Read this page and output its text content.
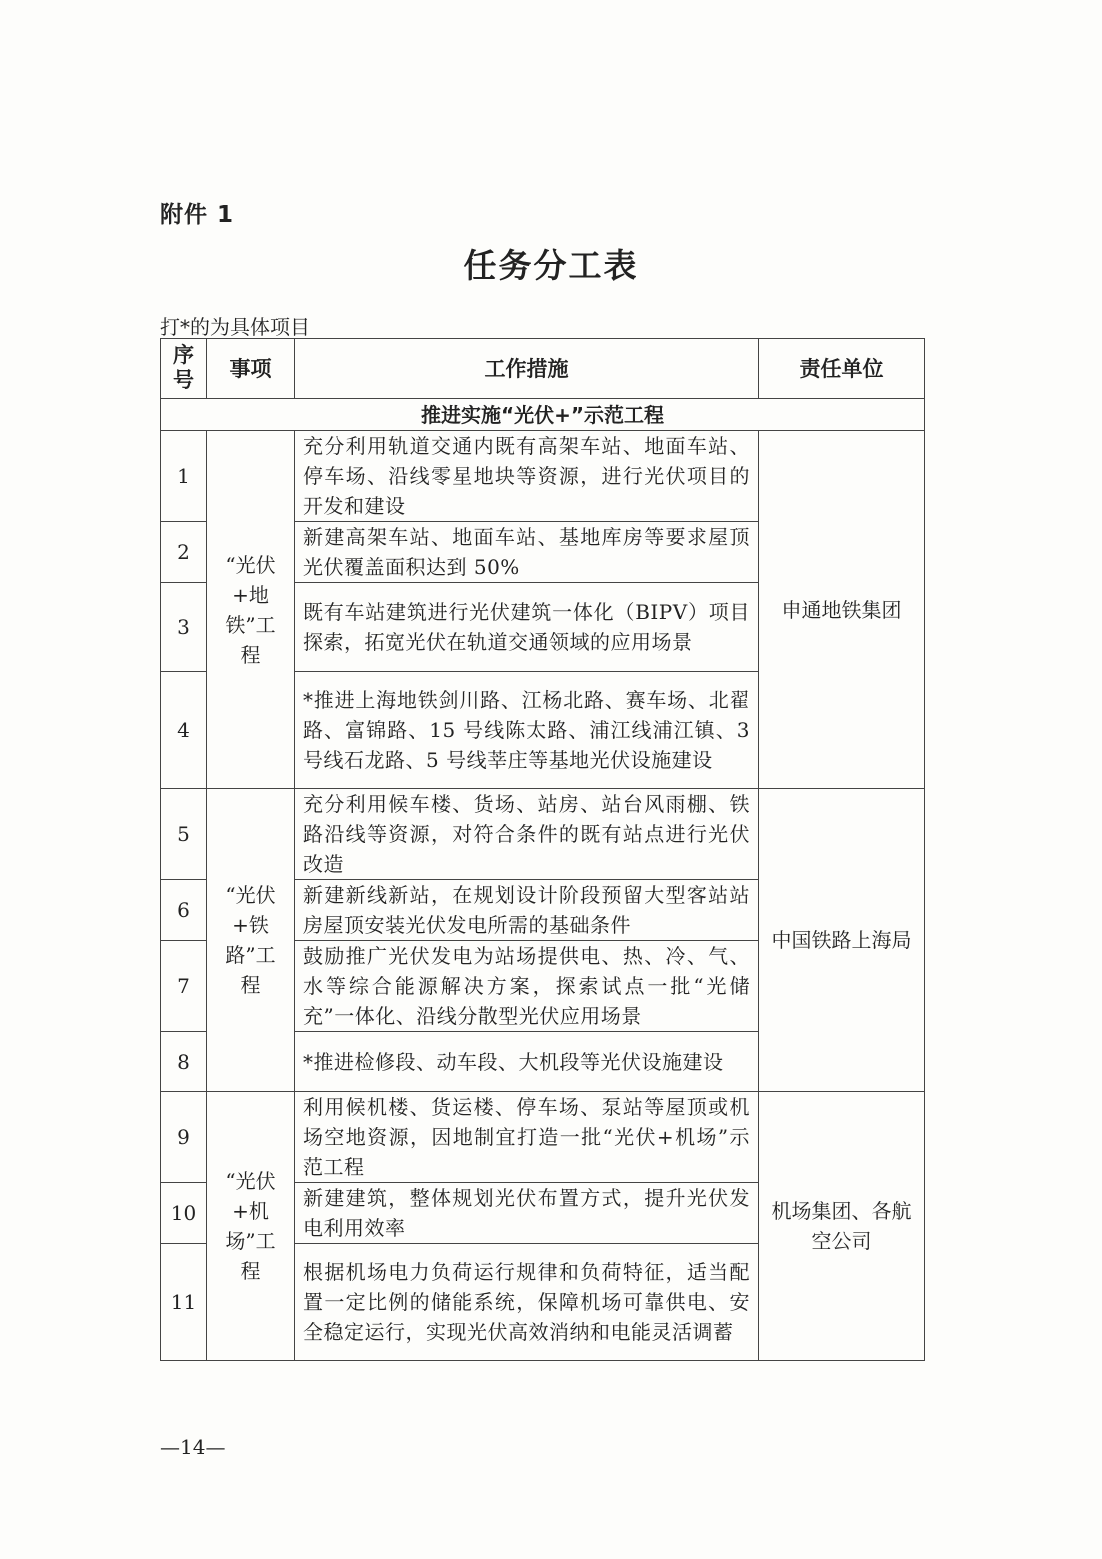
附件 1
任务分工表
打*的为具体项目
序号	事项	工作措施	责任单位
推进实施“光伏+”示范工程			
1	“光伏+地铁”工程	充分利用轨道交通内既有高架车站、地面车站、停车场、沿线零星地块等资源，进行光伏项目的开发和建设	申通地铁集团
2		新建高架车站、地面车站、基地库房等要求屋顶光伏覆盖面积达到 50%	
3		既有车站建筑进行光伏建筑一体化（BIPV）项目探索，拓宽光伏在轨道交通领域的应用场景	
4		*推进上海地铁剑川路、江杨北路、赛车场、北翟路、富锦路、15 号线陈太路、浦江线浦江镇、3 号线石龙路、5 号线莘庄等基地光伏设施建设	
5	“光伏+铁路”工程	充分利用候车楼、货场、站房、站台风雨棚、铁路沿线等资源，对符合条件的既有站点进行光伏改造	中国铁路上海局
6		新建新线新站，在规划设计阶段预留大型客站站房屋顶安装光伏发电所需的基础条件	
7		鼓励推广光伏发电为站场提供电、热、冷、气、水等综合能源解决方案，探索试点一批“光储充”一体化、沿线分散型光伏应用场景	
8		*推进检修段、动车段、大机段等光伏设施建设	
9	“光伏+机场”工程	利用候机楼、货运楼、停车场、泵站等屋顶或机场空地资源，因地制宜打造一批“光伏+机场”示范工程	机场集团、各航空公司
10		新建建筑，整体规划光伏布置方式，提升光伏发电利用效率	
11		根据机场电力负荷运行规律和负荷特征，适当配置一定比例的储能系统，保障机场可靠供电、安全稳定运行，实现光伏高效消纳和电能灵活调蓄	
—14—
